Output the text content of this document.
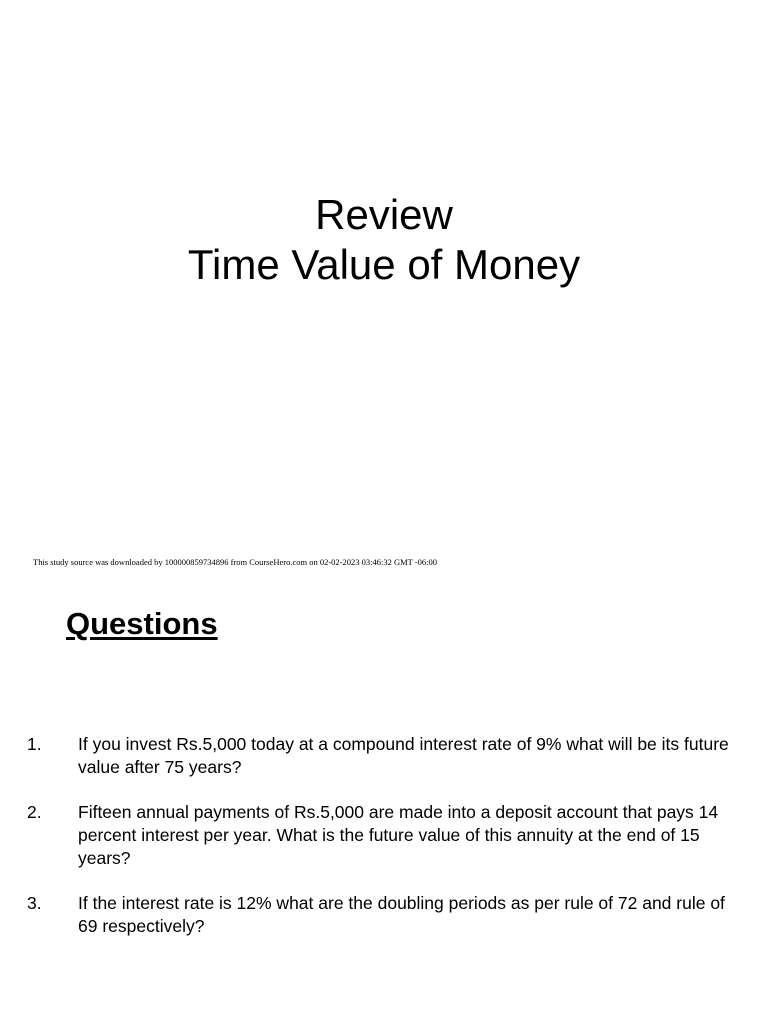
Review
Time Value of Money
This study source was downloaded by 100000859734896 from CourseHero.com on 02-02-2023 03:46:32 GMT -06:00
Questions
1. If you invest Rs.5,000 today at a compound interest rate of 9% what will be its future value after 75 years?
2. Fifteen annual payments of Rs.5,000 are made into a deposit account that pays 14 percent interest per year. What is the future value of this annuity at the end of 15 years?
3. If the interest rate is 12% what are the doubling periods as per rule of 72 and rule of 69 respectively?
